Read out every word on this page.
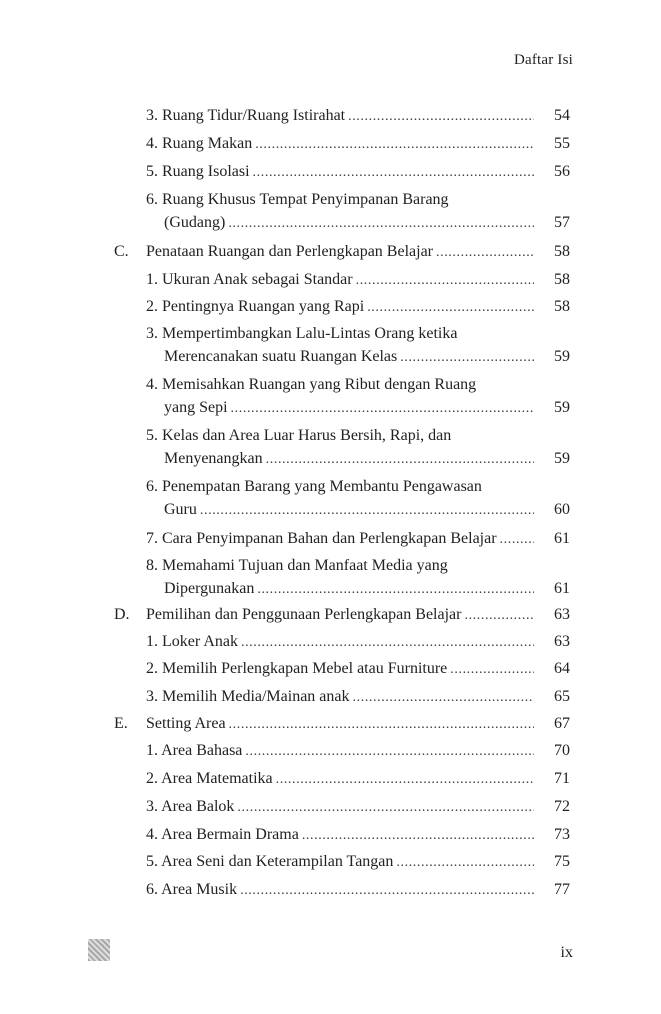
Daftar Isi
3. Ruang Tidur/Ruang Istirahat .....	54
4. Ruang Makan .....	55
5. Ruang Isolasi .....	56
6. Ruang Khusus Tempat Penyimpanan Barang
(Gudang) .....	57
C.	Penataan Ruangan dan Perlengkapan Belajar .....	58
1. Ukuran Anak sebagai Standar .....	58
2. Pentingnya Ruangan yang Rapi .....	58
3. Mempertimbangkan Lalu-Lintas Orang ketika
Merencanakan suatu Ruangan Kelas .....	59
4. Memisahkan Ruangan yang Ribut dengan Ruang
yang Sepi .....	59
5. Kelas dan Area Luar Harus Bersih, Rapi, dan
Menyenangkan .....	59
6. Penempatan Barang yang Membantu Pengawasan
Guru .....	60
7. Cara Penyimpanan Bahan dan Perlengkapan Belajar .....	61
8. Memahami Tujuan dan Manfaat Media yang
Dipergunakan .....	61
D. Pemilihan dan Penggunaan Perlengkapan Belajar .....	63
1. Loker Anak .....	63
2. Memilih Perlengkapan Mebel atau Furniture .....	64
3. Memilih Media/Mainan anak .....	65
E.	Setting Area .....	67
1. Area Bahasa .....	70
2. Area Matematika .....	71
3. Area Balok .....	72
4. Area Bermain Drama .....	73
5. Area Seni dan Keterampilan Tangan .....	75
6. Area Musik .....	77
ix
